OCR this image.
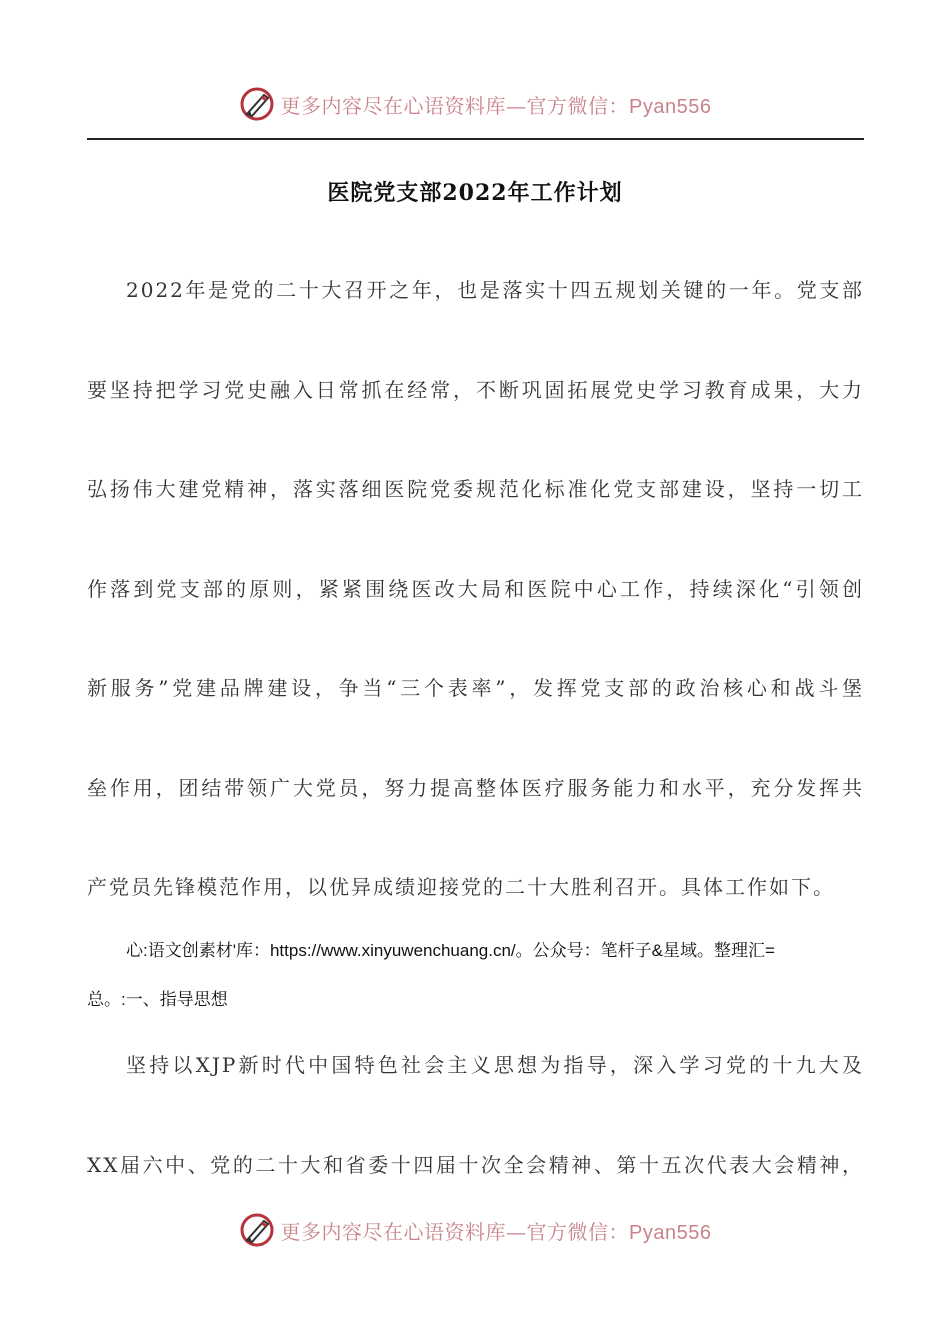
更多内容尽在心语资料库—官方微信：Pyan556
医院党支部2022年工作计划
2022年是党的二十大召开之年，也是落实十四五规划关键的一年。党支部
要坚持把学习党史融入日常抓在经常，不断巩固拓展党史学习教育成果，大力
弘扬伟大建党精神，落实落细医院党委规范化标准化党支部建设，坚持一切工
作落到党支部的原则，紧紧围绕医改大局和医院中心工作，持续深化“引领创
新服务”党建品牌建设，争当“三个表率”，发挥党支部的政治核心和战斗堡
垒作用，团结带领广大党员，努力提高整体医疗服务能力和水平，充分发挥共
产党员先锋模范作用，以优异成绩迎接党的二十大胜利召开。具体工作如下。
心:语文创素材'库：https://www.xinyuwenchuang.cn/。公众号：笔杆子&星域。整理汇=
总。:一、指导思想
坚持以XJP新时代中国特色社会主义思想为指导，深入学习党的十九大及
XX届六中、党的二十大和省委十四届十次全会精神、第十五次代表大会精神，
更多内容尽在心语资料库—官方微信：Pyan556
